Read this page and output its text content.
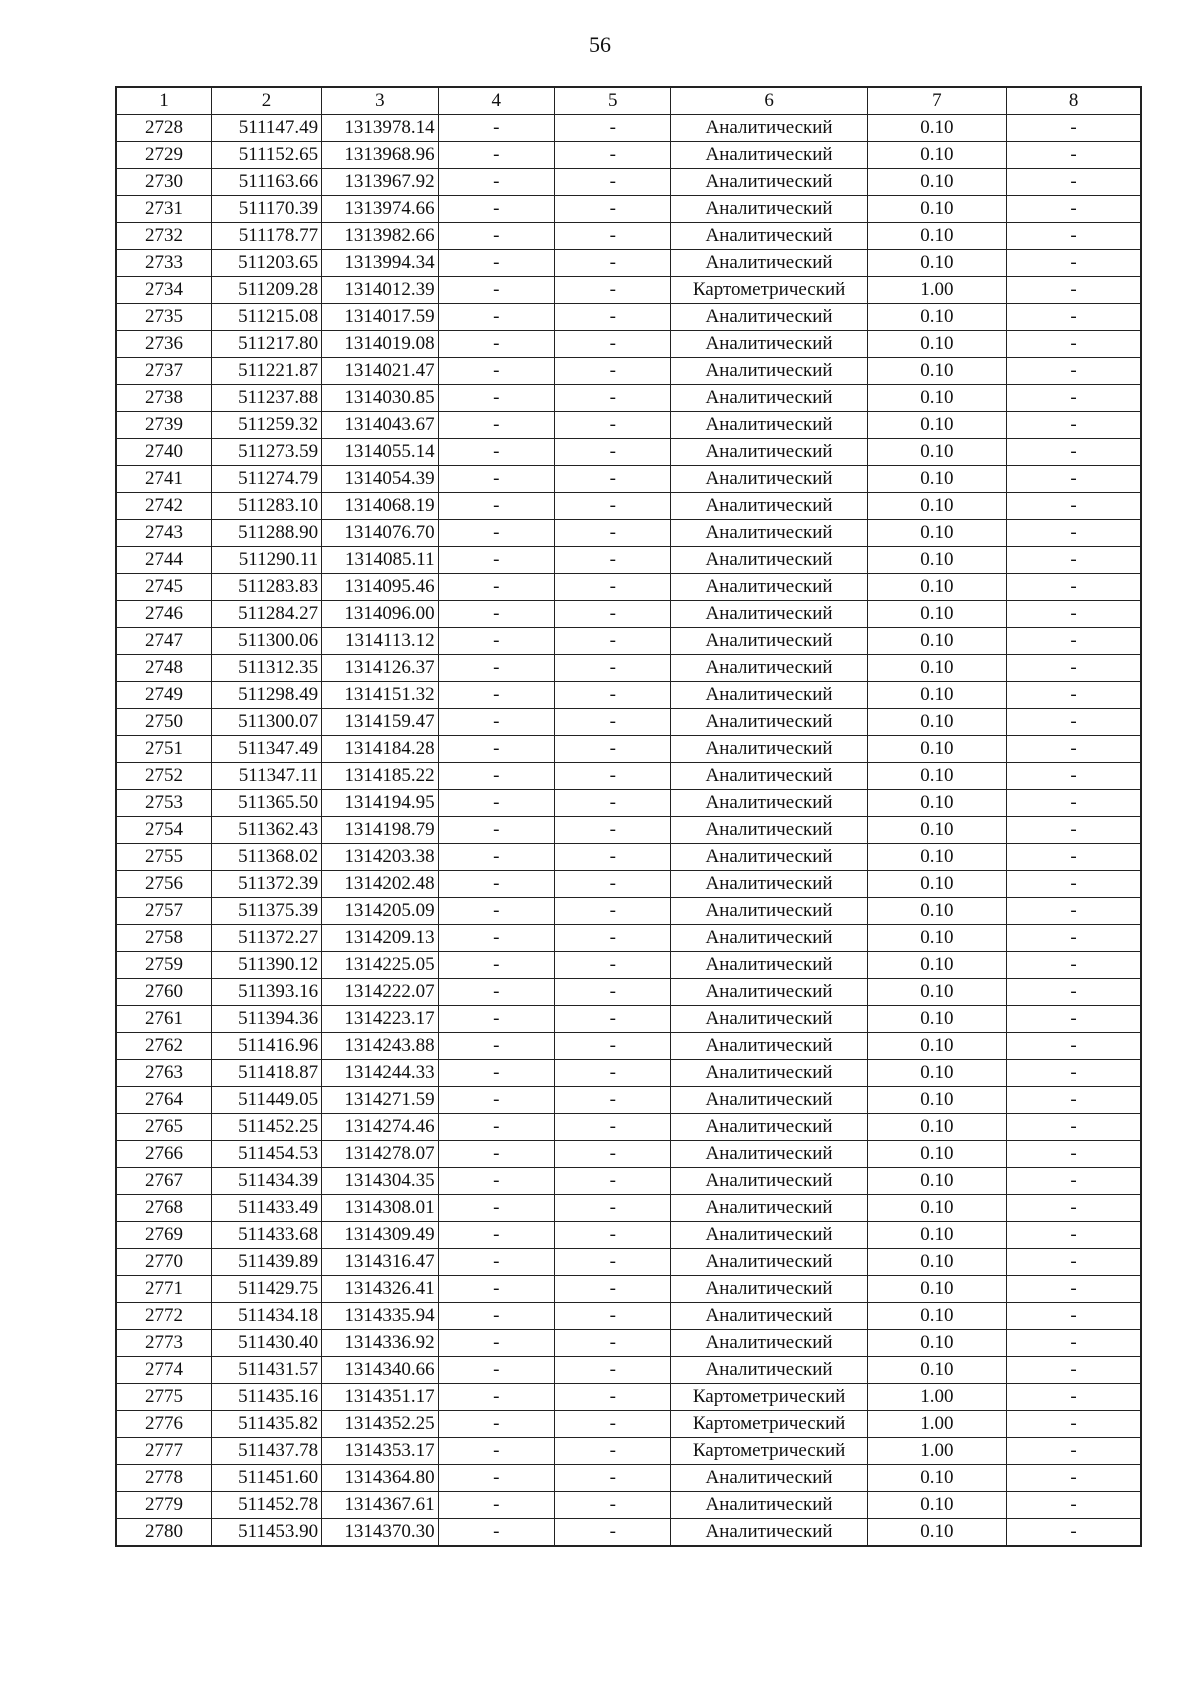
56
1	2	3	4	5	6	7	8
2728	511147.49	1313978.14	-	-	Аналитический	0.10	-
2729	511152.65	1313968.96	-	-	Аналитический	0.10	-
2730	511163.66	1313967.92	-	-	Аналитический	0.10	-
2731	511170.39	1313974.66	-	-	Аналитический	0.10	-
2732	511178.77	1313982.66	-	-	Аналитический	0.10	-
2733	511203.65	1313994.34	-	-	Аналитический	0.10	-
2734	511209.28	1314012.39	-	-	Картометрический	1.00	-
2735	511215.08	1314017.59	-	-	Аналитический	0.10	-
2736	511217.80	1314019.08	-	-	Аналитический	0.10	-
2737	511221.87	1314021.47	-	-	Аналитический	0.10	-
2738	511237.88	1314030.85	-	-	Аналитический	0.10	-
2739	511259.32	1314043.67	-	-	Аналитический	0.10	-
2740	511273.59	1314055.14	-	-	Аналитический	0.10	-
2741	511274.79	1314054.39	-	-	Аналитический	0.10	-
2742	511283.10	1314068.19	-	-	Аналитический	0.10	-
2743	511288.90	1314076.70	-	-	Аналитический	0.10	-
2744	511290.11	1314085.11	-	-	Аналитический	0.10	-
2745	511283.83	1314095.46	-	-	Аналитический	0.10	-
2746	511284.27	1314096.00	-	-	Аналитический	0.10	-
2747	511300.06	1314113.12	-	-	Аналитический	0.10	-
2748	511312.35	1314126.37	-	-	Аналитический	0.10	-
2749	511298.49	1314151.32	-	-	Аналитический	0.10	-
2750	511300.07	1314159.47	-	-	Аналитический	0.10	-
2751	511347.49	1314184.28	-	-	Аналитический	0.10	-
2752	511347.11	1314185.22	-	-	Аналитический	0.10	-
2753	511365.50	1314194.95	-	-	Аналитический	0.10	-
2754	511362.43	1314198.79	-	-	Аналитический	0.10	-
2755	511368.02	1314203.38	-	-	Аналитический	0.10	-
2756	511372.39	1314202.48	-	-	Аналитический	0.10	-
2757	511375.39	1314205.09	-	-	Аналитический	0.10	-
2758	511372.27	1314209.13	-	-	Аналитический	0.10	-
2759	511390.12	1314225.05	-	-	Аналитический	0.10	-
2760	511393.16	1314222.07	-	-	Аналитический	0.10	-
2761	511394.36	1314223.17	-	-	Аналитический	0.10	-
2762	511416.96	1314243.88	-	-	Аналитический	0.10	-
2763	511418.87	1314244.33	-	-	Аналитический	0.10	-
2764	511449.05	1314271.59	-	-	Аналитический	0.10	-
2765	511452.25	1314274.46	-	-	Аналитический	0.10	-
2766	511454.53	1314278.07	-	-	Аналитический	0.10	-
2767	511434.39	1314304.35	-	-	Аналитический	0.10	-
2768	511433.49	1314308.01	-	-	Аналитический	0.10	-
2769	511433.68	1314309.49	-	-	Аналитический	0.10	-
2770	511439.89	1314316.47	-	-	Аналитический	0.10	-
2771	511429.75	1314326.41	-	-	Аналитический	0.10	-
2772	511434.18	1314335.94	-	-	Аналитический	0.10	-
2773	511430.40	1314336.92	-	-	Аналитический	0.10	-
2774	511431.57	1314340.66	-	-	Аналитический	0.10	-
2775	511435.16	1314351.17	-	-	Картометрический	1.00	-
2776	511435.82	1314352.25	-	-	Картометрический	1.00	-
2777	511437.78	1314353.17	-	-	Картометрический	1.00	-
2778	511451.60	1314364.80	-	-	Аналитический	0.10	-
2779	511452.78	1314367.61	-	-	Аналитический	0.10	-
2780	511453.90	1314370.30	-	-	Аналитический	0.10	-
